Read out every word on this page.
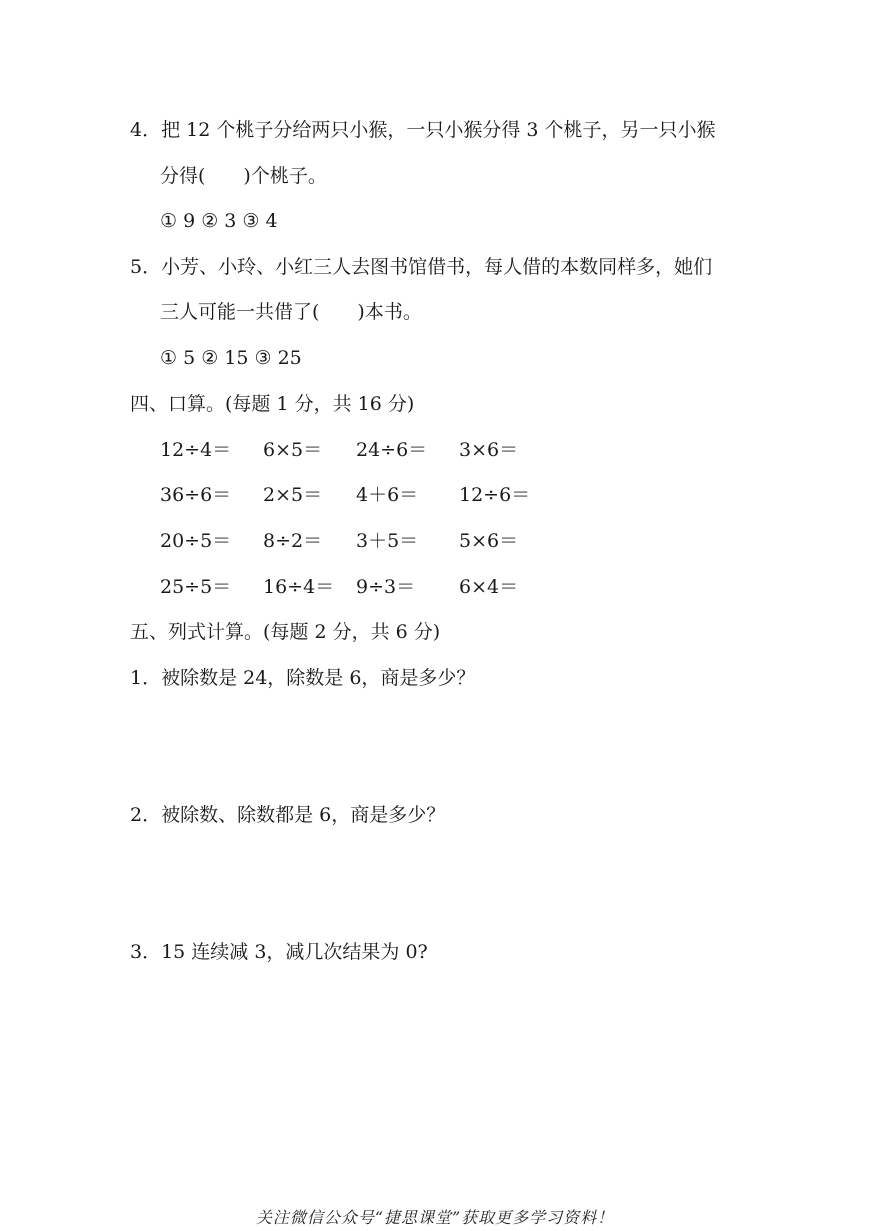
4．把 12 个桃子分给两只小猴，一只小猴分得 3 个桃子，另一只小猴
分得(　　)个桃子。
① 9 ② 3 ③ 4
5．小芳、小玲、小红三人去图书馆借书，每人借的本数同样多，她们
三人可能一共借了(　　)本书。
① 5 ② 15 ③ 25
四、口算。(每题 1 分，共 16 分)
12÷4＝ 6×5＝ 24÷6＝ 3×6＝
36÷6＝ 2×5＝ 4＋6＝ 12÷6＝
20÷5＝ 8÷2＝ 3＋5＝ 5×6＝
25÷5＝ 16÷4＝ 9÷3＝ 6×4＝
五、列式计算。(每题 2 分，共 6 分)
1．被除数是 24，除数是 6，商是多少？
2．被除数、除数都是 6，商是多少？
3．15 连续减 3，减几次结果为 0?
关注微信公众号“捷思课堂”获取更多学习资料！
